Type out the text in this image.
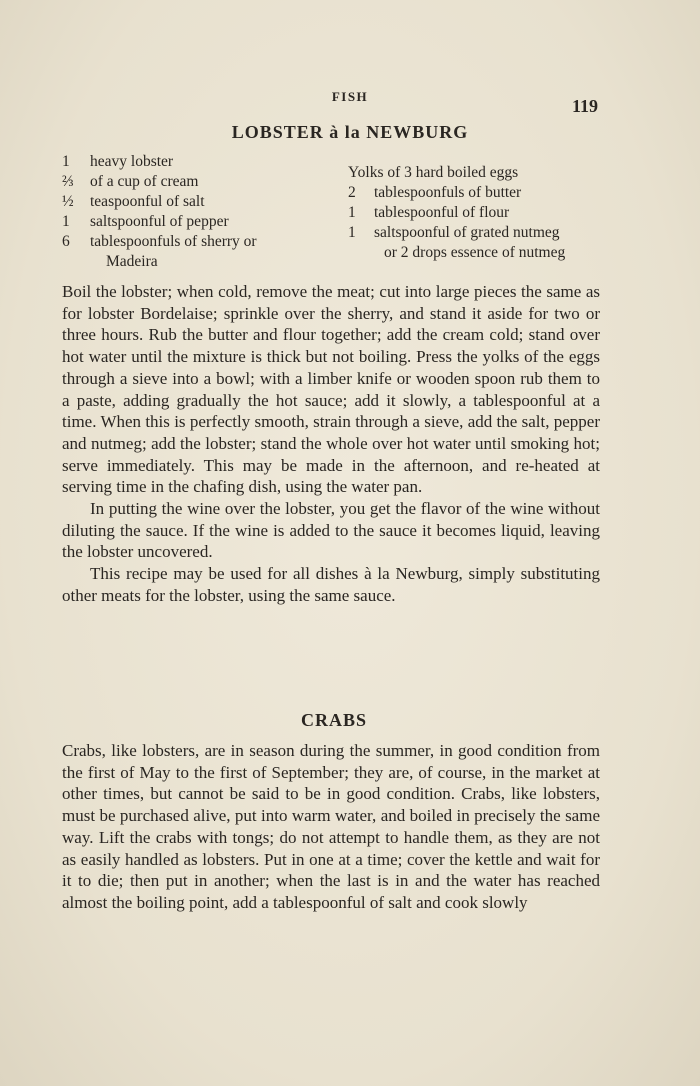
FISH	119
LOBSTER à la NEWBURG
1	heavy lobster
⅔	of a cup of cream
½	teaspoonful of salt
1	saltspoonful of pepper
6	tablespoonfuls of sherry or
Madeira
Yolks of 3 hard boiled eggs
2	tablespoonfuls of butter
1	tablespoonful of flour
1	saltspoonful of grated nutmeg
or 2 drops essence of nutmeg

Boil the lobster; when cold, remove the meat; cut into large pieces the same as for lobster Bordelaise; sprinkle over the sherry, and stand it aside for two or three hours. Rub the butter and flour together; add the cream cold; stand over hot water until the mixture is thick but not boiling. Press the yolks of the eggs through a sieve into a bowl; with a limber knife or wooden spoon rub them to a paste, adding gradually the hot sauce; add it slowly, a tablespoonful at a time. When this is perfectly smooth, strain through a sieve, add the salt, pepper and nutmeg; add the lobster; stand the whole over hot water until smoking hot; serve immediately. This may be made in the afternoon, and re-heated at serving time in the chafing dish, using the water pan.

In putting the wine over the lobster, you get the flavor of the wine without diluting the sauce. If the wine is added to the sauce it becomes liquid, leaving the lobster uncovered.

This recipe may be used for all dishes à la Newburg, simply substituting other meats for the lobster, using the same sauce.

CRABS

Crabs, like lobsters, are in season during the summer, in good condition from the first of May to the first of September; they are, of course, in the market at other times, but cannot be said to be in good condition. Crabs, like lobsters, must be purchased alive, put into warm water, and boiled in precisely the same way. Lift the crabs with tongs; do not attempt to handle them, as they are not as easily handled as lobsters. Put in one at a time; cover the kettle and wait for it to die; then put in another; when the last is in and the water has reached almost the boiling point, add a tablespoonful of salt and cook slowly
